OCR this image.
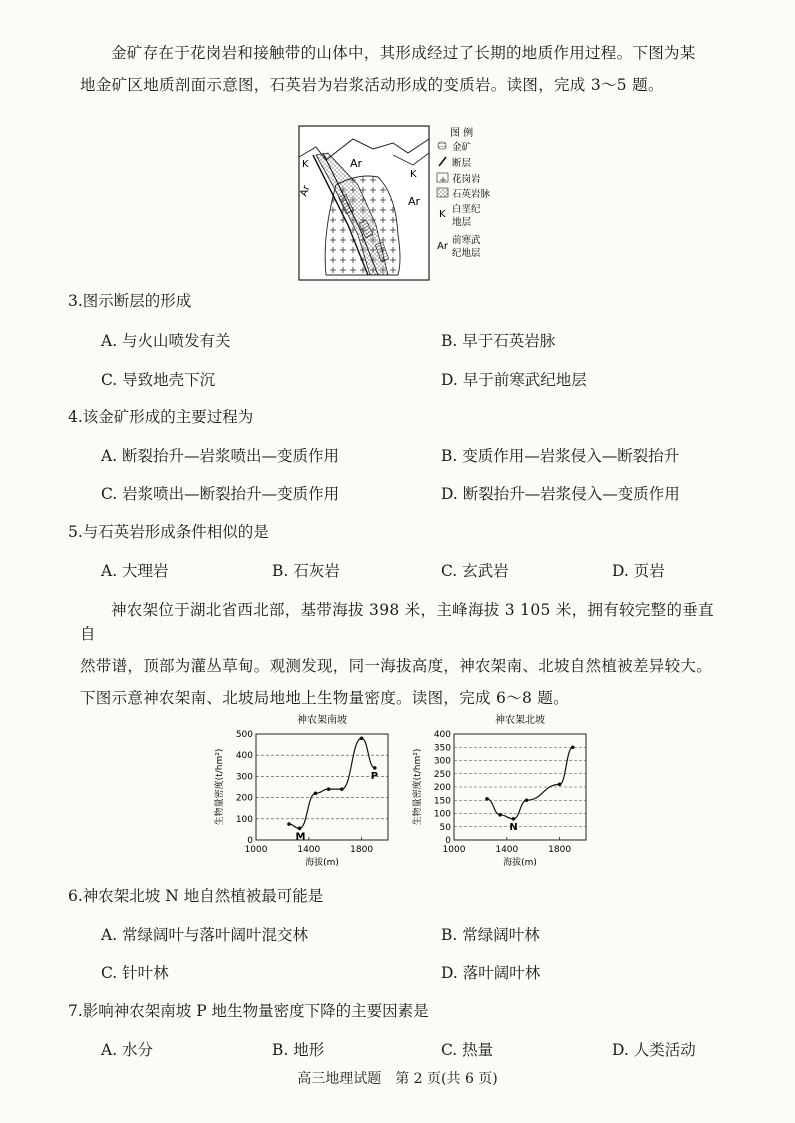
金矿存在于花岗岩和接触带的山体中，其形成经过了长期的地质作用过程。下图为某
地金矿区地质剖面示意图，石英岩为岩浆活动形成的变质岩。读图，完成 3～5 题。
K	Ar
Ar
K
Ar
图 例
金矿
断层
花岗岩
石英岩脉
K 白垩纪
地层
Ar
前寒武
纪地层
3.图示断层的形成
A. 与火山喷发有关	B. 早于石英岩脉
C. 导致地壳下沉	D. 早于前寒武纪地层
4.该金矿形成的主要过程为
A. 断裂抬升—岩浆喷出—变质作用	B. 变质作用—岩浆侵入—断裂抬升
C. 岩浆喷出—断裂抬升—变质作用	D. 断裂抬升—岩浆侵入—变质作用
5.与石英岩形成条件相似的是
A. 大理岩	B. 石灰岩	C. 玄武岩	D. 页岩
神农架位于湖北省西北部，基带海拔 398 米，主峰海拔 3 105 米，拥有较完整的垂直自
然带谱，顶部为灌丛草甸。观测发现，同一海拔高度，神农架南、北坡自然植被差异较大。
下图示意神农架南、北坡局地地上生物量密度。读图，完成 6～8 题。
神农架南坡
0
100
200
300
400
500
1000	1400	1800
海拔(m)
生物量密度(t/hm²)
M
P
神农架北坡
0
50
100
150
200
250
300
350
400
1000	1400	1800
海拔(m)
生物量密度(t/hm²)
N
6.神农架北坡 N 地自然植被最可能是
A. 常绿阔叶与落叶阔叶混交林	B. 常绿阔叶林
C. 针叶林	D. 落叶阔叶林
7.影响神农架南坡 P 地生物量密度下降的主要因素是
A. 水分	B. 地形	C. 热量	D. 人类活动
高三地理试题　第 2 页(共 6 页)
